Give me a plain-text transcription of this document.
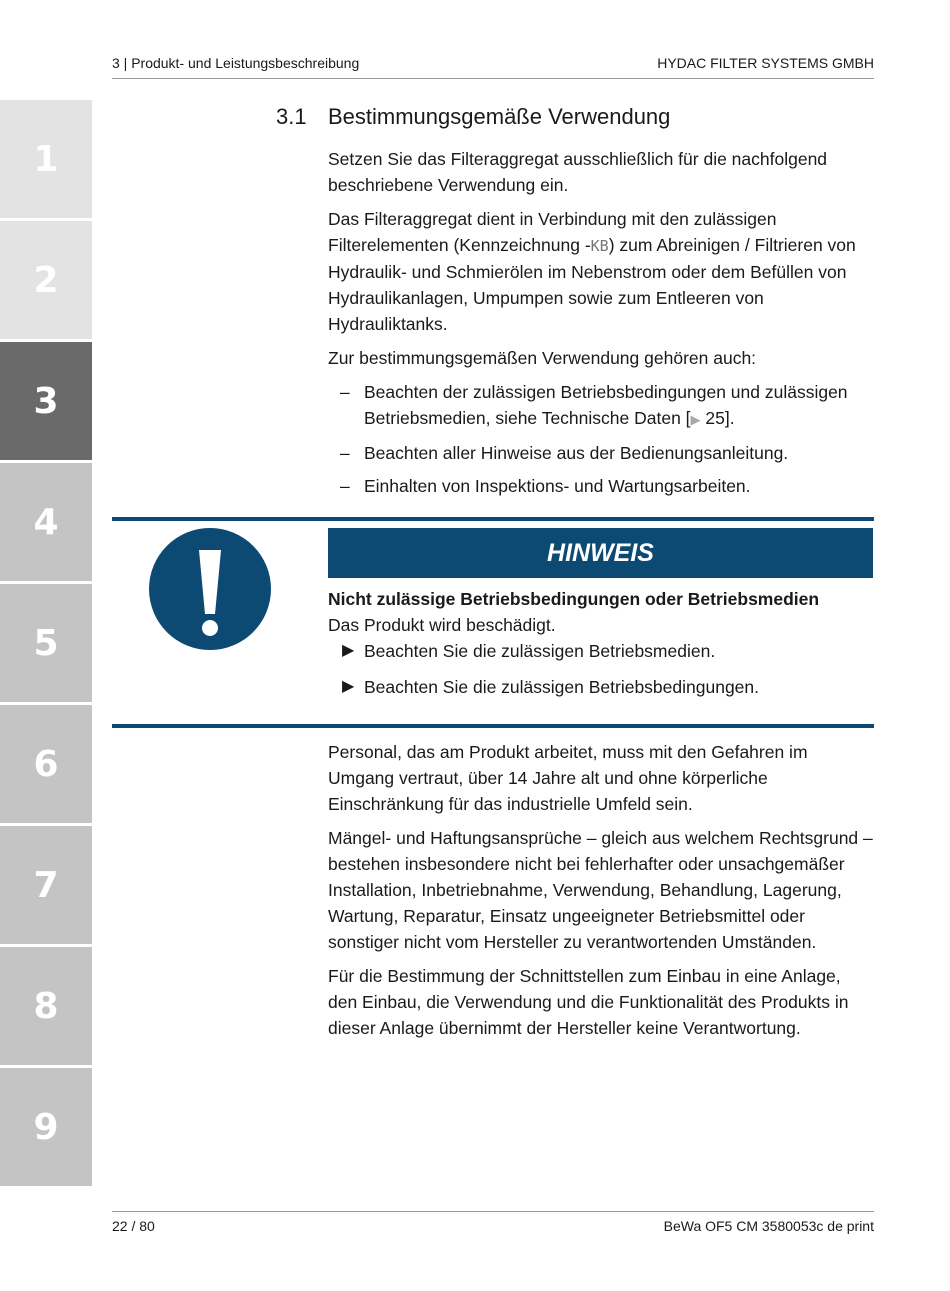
3 | Produkt- und Leistungsbeschreibung	HYDAC FILTER SYSTEMS GMBH
1
2
3
4
5
6
7
8
9
3.1 Bestimmungsgemäße Verwendung

Setzen Sie das Filteraggregat ausschließlich für die nachfolgend beschriebene Verwendung ein.

Das Filteraggregat dient in Verbindung mit den zulässigen Filterelementen (Kennzeichnung -KB) zum Abreinigen / Filtrieren von Hydraulik- und Schmierölen im Nebenstrom oder dem Befüllen von Hydraulikanlagen, Umpumpen sowie zum Entleeren von Hydrauliktanks.

Zur bestimmungsgemäßen Verwendung gehören auch:

– Beachten der zulässigen Betriebsbedingungen und zulässigen Betriebsmedien, siehe Technische Daten [▶ 25].
– Beachten aller Hinweise aus der Bedienungsanleitung.
– Einhalten von Inspektions- und Wartungsarbeiten.
HINWEIS

Nicht zulässige Betriebsbedingungen oder Betriebsmedien

Das Produkt wird beschädigt.

▶ Beachten Sie die zulässigen Betriebsmedien.
▶ Beachten Sie die zulässigen Betriebsbedingungen.

Personal, das am Produkt arbeitet, muss mit den Gefahren im Umgang vertraut, über 14 Jahre alt und ohne körperliche Einschränkung für das industrielle Umfeld sein.

Mängel- und Haftungsansprüche – gleich aus welchem Rechtsgrund – bestehen insbesondere nicht bei fehlerhafter oder unsachgemäßer Installation, Inbetriebnahme, Verwendung, Behandlung, Lagerung, Wartung, Reparatur, Einsatz ungeeigneter Betriebsmittel oder sonstiger nicht vom Hersteller zu verantwortenden Umständen.

Für die Bestimmung der Schnittstellen zum Einbau in eine Anlage, den Einbau, die Verwendung und die Funktionalität des Produkts in dieser Anlage übernimmt der Hersteller keine Verantwortung.

22 / 80	BeWa OF5 CM 3580053c de print
